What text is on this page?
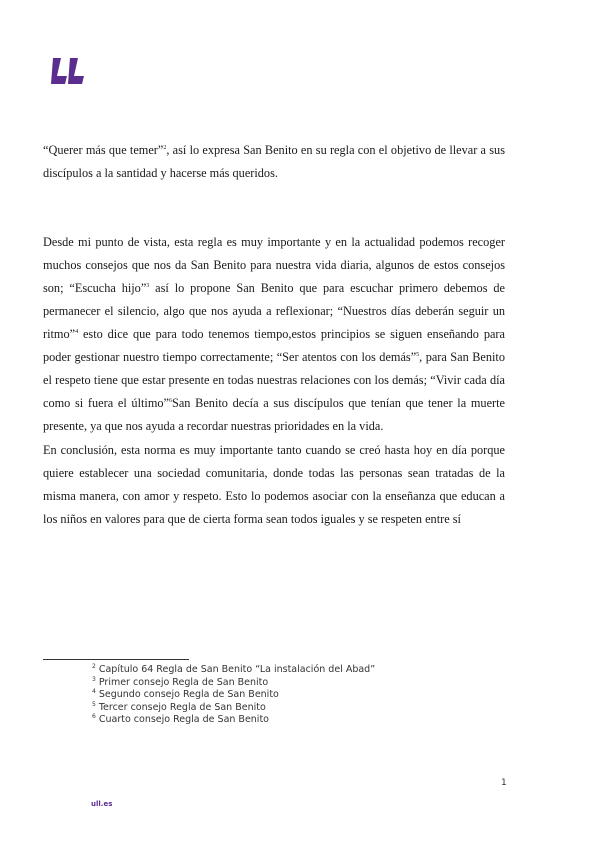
“Querer más que temer”$^2$, así lo expresa San Benito en su regla con el objetivo de llevar a sus discípulos a la santidad y hacerse más queridos.

Desde mi punto de vista, esta regla es muy importante y en la actualidad podemos recoger muchos consejos que nos da San Benito para nuestra vida diaria, algunos de estos consejos son; “Escucha hijo”$^3$ así lo propone San Benito que para escuchar primero debemos de permanecer el silencio, algo que nos ayuda a reflexionar; “Nuestros días deberán seguir un ritmo”$^4$ esto dice que para todo tenemos tiempo,estos principios se siguen enseñando para poder gestionar nuestro tiempo correctamente; “Ser atentos con los demás”$^5$, para San Benito el respeto tiene que estar presente en todas nuestras relaciones con los demás; “Vivir cada día como si fuera el último”$^6$San Benito decía a sus discípulos que tenían que tener la muerte presente, ya que nos ayuda a recordar nuestras prioridades en la vida.

En conclusión, esta norma es muy importante tanto cuando se creó hasta hoy en día porque quiere establecer una sociedad comunitaria, donde todas las personas sean tratadas de la misma manera, con amor y respeto. Esto lo podemos asociar con la enseñanza que educan a los niños en valores para que de cierta forma sean todos iguales y se respeten entre sí

$^2$ Capítulo 64 Regla de San Benito “La instalación del Abad”
$^3$ Primer consejo Regla de San Benito
$^4$ Segundo consejo Regla de San Benito
$^5$ Tercer consejo Regla de San Benito
$^6$ Cuarto consejo Regla de San Benito
1
ull.es
